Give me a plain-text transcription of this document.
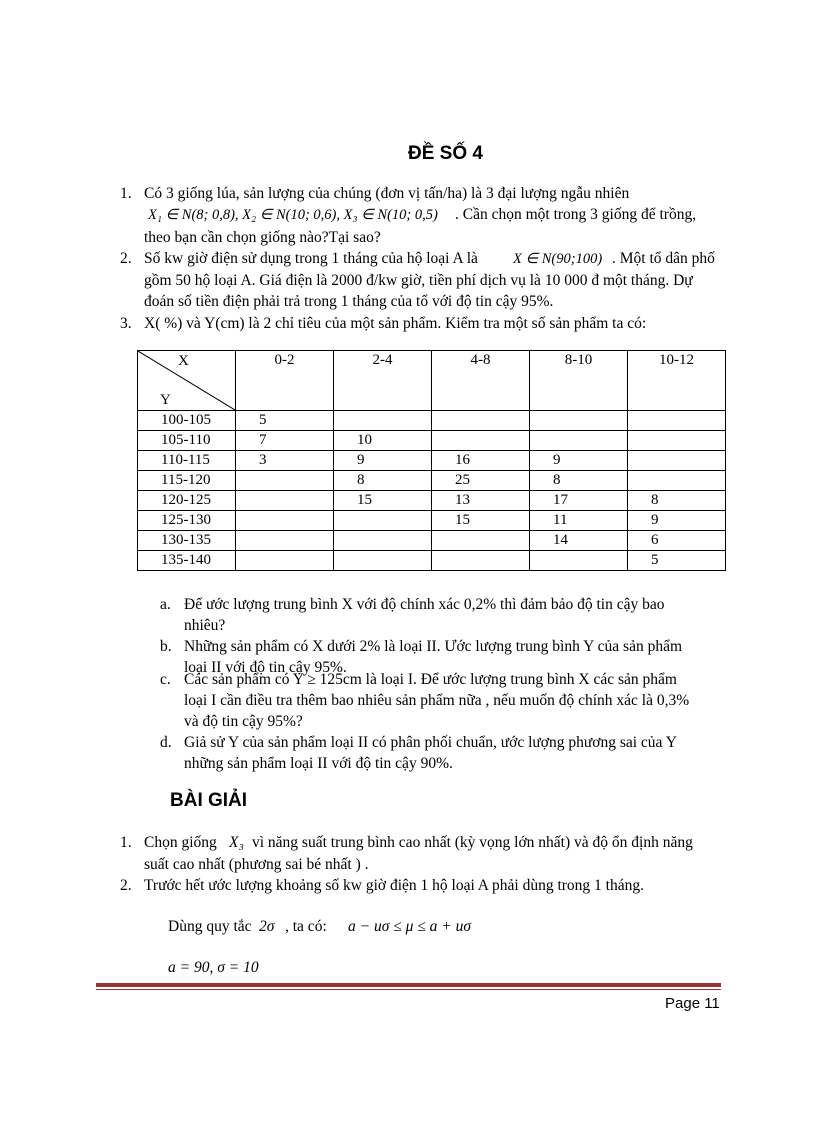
ĐỀ SỐ 4
1. Có 3 giống lúa, sản lượng của chúng (đơn vị tấn/ha) là 3 đại lượng ngẫu nhiên
X₁ ∈ N(8; 0,8), X₂ ∈ N(10; 0,6), X₃ ∈ N(10; 0,5) . Cần chọn một trong 3 giống để trồng,
theo bạn cần chọn giống nào?Tại sao?
2. Số kw giờ điện sử dụng trong 1 tháng của hộ loại A là X ∈ N(90;100) . Một tổ dân phố
gồm 50 hộ loại A. Giá điện là 2000 đ/kw giờ, tiền phí dịch vụ là 10 000 đ một tháng. Dự
đoán số tiền điện phải trả trong 1 tháng của tổ với độ tin cậy 95%.
3. X( %) và Y(cm) là 2 chỉ tiêu của một sản phẩm. Kiểm tra một số sản phẩm ta có:
X
Y	0-2	2-4	4-8	8-10	10-12
100-105	5				
105-110	7	10			
110-115	3	9	16	9	
115-120		8	25	8	
120-125		15	13	17	8
125-130			15	11	9
130-135				14	6
135-140					5
a. Để ước lượng trung bình X với độ chính xác 0,2% thì đảm bảo độ tin cậy bao
nhiêu?
b. Những sản phẩm có X dưới 2% là loại II. Ước lượng trung bình Y của sản phẩm
loại II với độ tin cậy 95%.
c. Các sản phẩm có Y ≥ 125cm là loại I. Để ước lượng trung bình X các sản phẩm
loại I cần điều tra thêm bao nhiêu sản phẩm nữa , nếu muốn độ chính xác là 0,3%
và độ tin cậy 95%?
d. Giả sử Y của sản phẩm loại II có phân phối chuẩn, ước lượng phương sai của Y
những sản phẩm loại II với độ tin cậy 90%.
BÀI GIẢI
1. Chọn giống X₃ vì năng suất trung bình cao nhất (kỳ vọng lớn nhất) và độ ổn định năng
suất cao nhất (phương sai bé nhất ) .
2. Trước hết ước lượng khoảng số kw giờ điện 1 hộ loại A phải dùng trong 1 tháng.
Dùng quy tắc 2σ , ta có: a − uσ ≤ μ ≤ a + uσ
a = 90, σ = 10
Page 11
